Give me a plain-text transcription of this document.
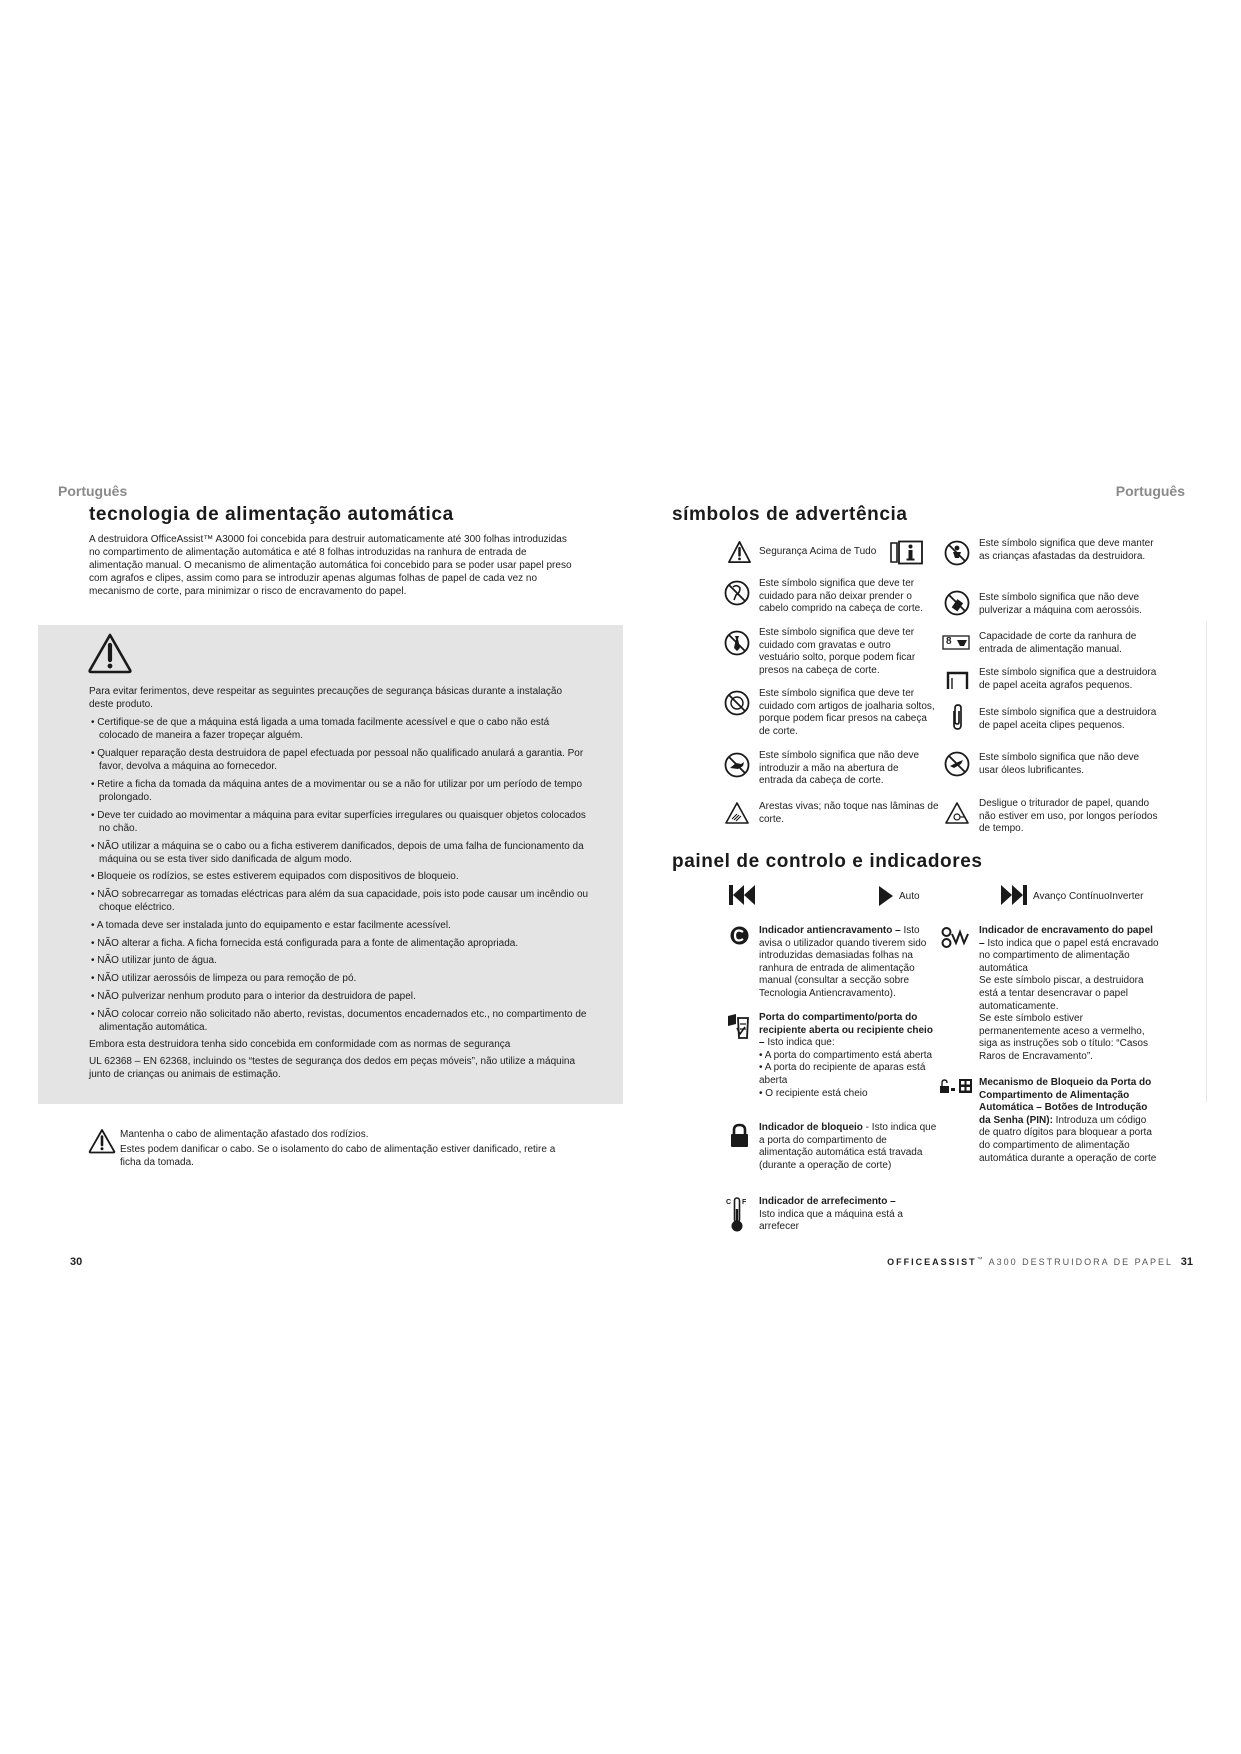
Português
tecnologia de alimentação automática
A destruidora OfficeAssist™ A3000 foi concebida para destruir automaticamente até 300 folhas introduzidas no compartimento de alimentação automática e até 8 folhas introduzidas na ranhura de entrada de alimentação manual. O mecanismo de alimentação automática foi concebido para se poder usar papel preso com agrafos e clipes, assim como para se introduzir apenas algumas folhas de papel de cada vez no mecanismo de corte, para minimizar o risco de encravamento do papel.

Para evitar ferimentos, deve respeitar as seguintes precauções de segurança básicas durante a instalação deste produto.

• Certifique-se de que a máquina está ligada a uma tomada facilmente acessível e que o cabo não está colocado de maneira a fazer tropeçar alguém.

• Qualquer reparação desta destruidora de papel efectuada por pessoal não qualificado anulará a garantia. Por favor, devolva a máquina ao fornecedor.

• Retire a ficha da tomada da máquina antes de a movimentar ou se a não for utilizar por um período de tempo prolongado.

• Deve ter cuidado ao movimentar a máquina para evitar superfícies irregulares ou quaisquer objetos colocados no chão.

• NÃO utilizar a máquina se o cabo ou a ficha estiverem danificados, depois de uma falha de funcionamento da máquina ou se esta tiver sido danificada de algum modo.

• Bloqueie os rodízios, se estes estiverem equipados com dispositivos de bloqueio.

• NÃO sobrecarregar as tomadas eléctricas para além da sua capacidade, pois isto pode causar um incêndio ou choque eléctrico.

• A tomada deve ser instalada junto do equipamento e estar facilmente acessível.

• NÃO alterar a ficha. A ficha fornecida está configurada para a fonte de alimentação apropriada.

• NÃO utilizar junto de água.

• NÃO utilizar aerossóis de limpeza ou para remoção de pó.

• NÃO pulverizar nenhum produto para o interior da destruidora de papel.

• NÃO colocar correio não solicitado não aberto, revistas, documentos encadernados etc., no compartimento de alimentação automática.

Embora esta destruidora tenha sido concebida em conformidade com as normas de segurança

UL 62368 – EN 62368, incluindo os “testes de segurança dos dedos em peças móveis”, não utilize a máquina junto de crianças ou animais de estimação.

Mantenha o cabo de alimentação afastado dos rodízios.

Estes podem danificar o cabo. Se o isolamento do cabo de alimentação estiver danificado, retire a ficha da tomada.

30
Português
símbolos de advertência
Segurança Acima de Tudo
Este símbolo significa que deve ter cuidado para não deixar prender o cabelo comprido na cabeça de corte.
Este símbolo significa que deve ter cuidado com gravatas e outro vestuário solto, porque podem ficar presos na cabeça de corte.
Este símbolo significa que deve ter cuidado com artigos de joalharia soltos, porque podem ficar presos na cabeça de corte.
Este símbolo significa que não deve introduzir a mão na abertura de entrada da cabeça de corte.
Arestas vivas; não toque nas lâminas de corte.
Este símbolo significa que deve manter as crianças afastadas da destruidora.
Este símbolo significa que não deve pulverizar a máquina com aerossóis.
8	Capacidade de corte da ranhura de entrada de alimentação manual.
Este símbolo significa que a destruidora de papel aceita agrafos pequenos.
Este símbolo significa que a destruidora de papel aceita clipes pequenos.
Este símbolo significa que não deve usar óleos lubrificantes.
Desligue o triturador de papel, quando não estiver em uso, por longos períodos de tempo.
painel de controlo e indicadores
Auto	Avanço ContínuoInverter
Indicador antiencravamento – Isto avisa o utilizador quando tiverem sido introduzidas demasiadas folhas na ranhura de entrada de alimentação manual (consultar a secção sobre Tecnologia Antiencravamento).
Porta do compartimento/porta do recipiente aberta ou recipiente cheio – Isto indica que:
• A porta do compartimento está aberta
• A porta do recipiente de aparas está aberta
• O recipiente está cheio
Indicador de bloqueio - Isto indica que a porta do compartimento de alimentação automática está travada (durante a operação de corte)
C F Indicador de arrefecimento –
Isto indica que a máquina está a arrefecer
Indicador de encravamento do papel – Isto indica que o papel está encravado no compartimento de alimentação automática
Se este símbolo piscar, a destruidora está a tentar desencravar o papel automaticamente.
Se este símbolo estiver permanentemente aceso a vermelho, siga as instruções sob o título: “Casos Raros de Encravamento”.
Mecanismo de Bloqueio da Porta do Compartimento de Alimentação Automática – Botões de Introdução da Senha (PIN): Introduza um código de quatro dígitos para bloquear a porta do compartimento de alimentação automática durante a operação de corte
OFFICEASSIST™ A300 DESTRUIDORA DE PAPEL 31
